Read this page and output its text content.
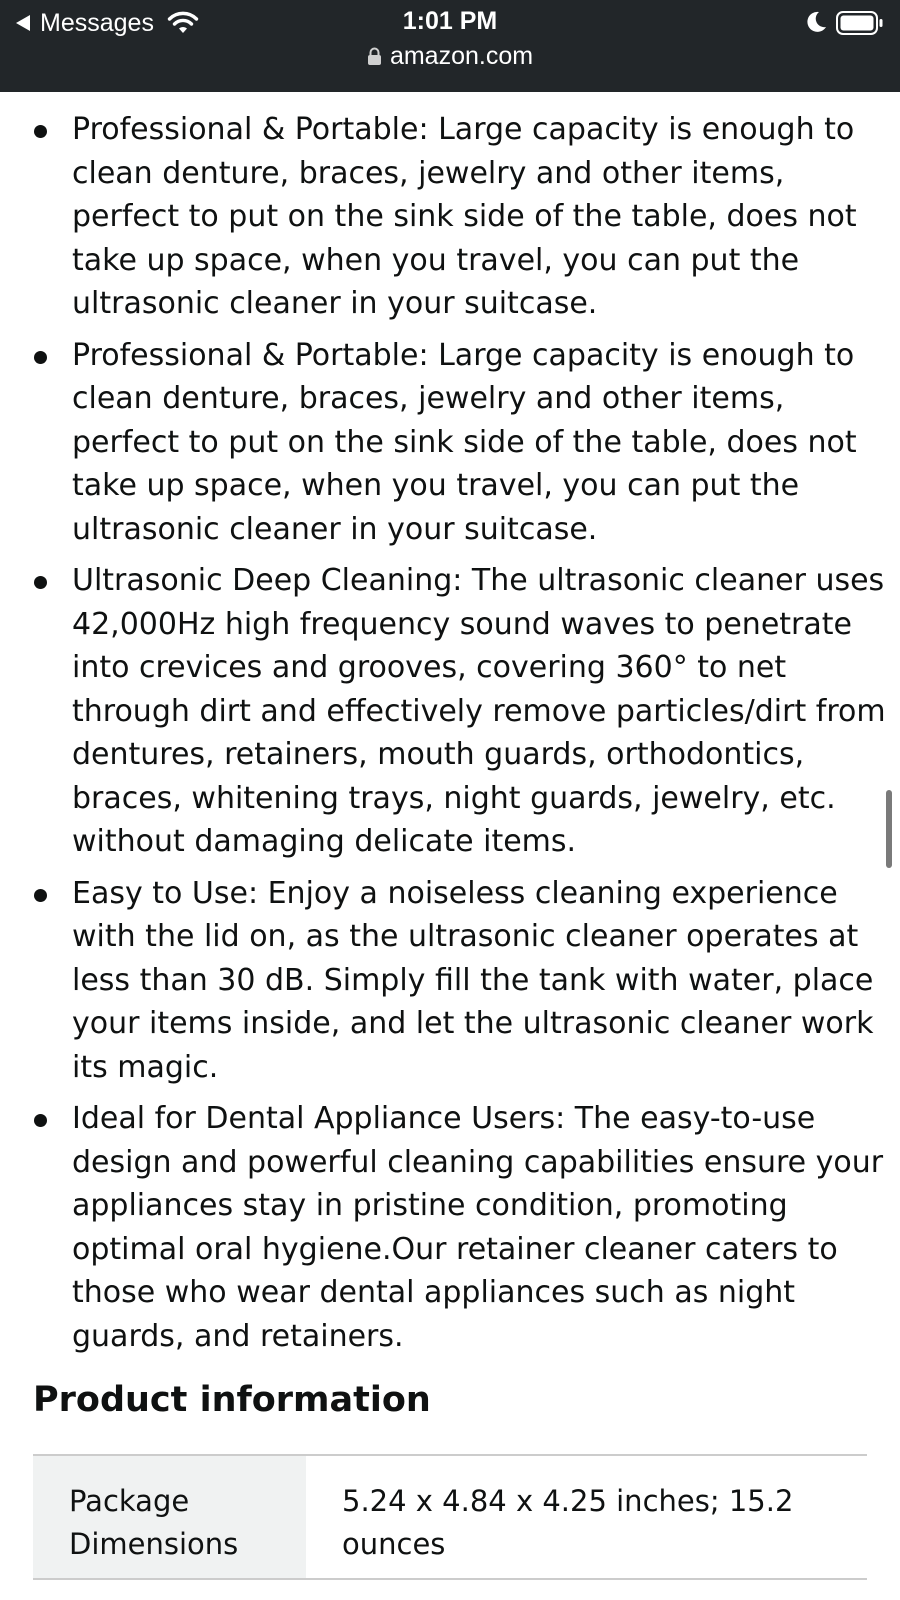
Messages	1:01 PM
amazon.com
Professional & Portable: Large capacity is enough to clean denture, braces, jewelry and other items, perfect to put on the sink side of the table, does not take up space, when you travel, you can put the ultrasonic cleaner in your suitcase.
Professional & Portable: Large capacity is enough to clean denture, braces, jewelry and other items, perfect to put on the sink side of the table, does not take up space, when you travel, you can put the ultrasonic cleaner in your suitcase.
Ultrasonic Deep Cleaning: The ultrasonic cleaner uses 42,000Hz high frequency sound waves to penetrate into crevices and grooves, covering 360° to net through dirt and effectively remove particles/dirt from dentures, retainers, mouth guards, orthodontics, braces, whitening trays, night guards, jewelry, etc. without damaging delicate items.
Easy to Use: Enjoy a noiseless cleaning experience with the lid on, as the ultrasonic cleaner operates at less than 30 dB. Simply fill the tank with water, place your items inside, and let the ultrasonic cleaner work its magic.
Ideal for Dental Appliance Users: The easy-to-use design and powerful cleaning capabilities ensure your appliances stay in pristine condition, promoting optimal oral hygiene.Our retainer cleaner caters to those who wear dental appliances such as night guards, and retainers.
Product information
Package Dimensions	5.24 x 4.84 x 4.25 inches; 15.2 ounces
